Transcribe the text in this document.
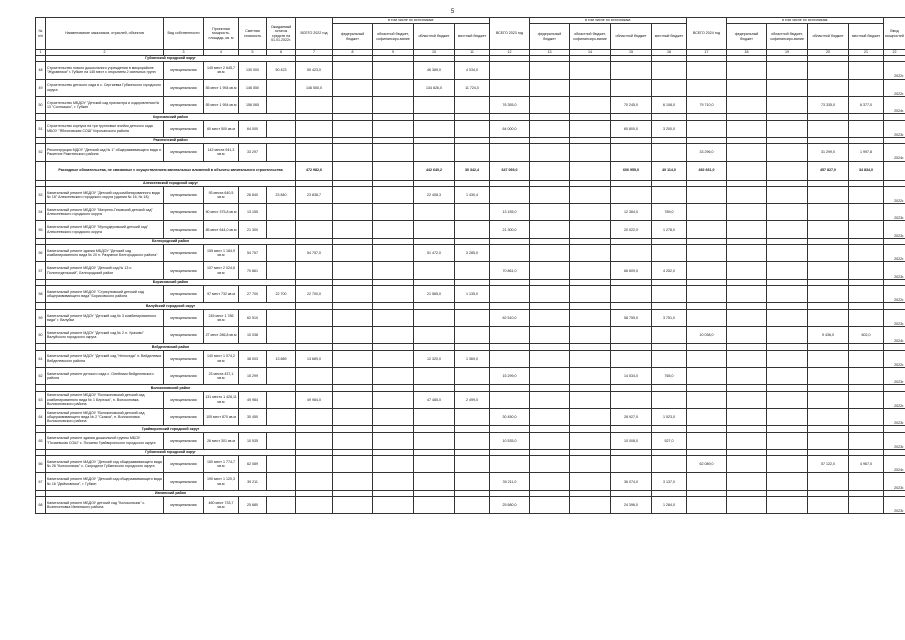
5
№ п/п	Наименование заказчиков, отраслей, объектов	Вид собственности	Проектная мощность, площадь, кв. м	Сметная стоимость	Ожидаемый остаток средств на 01.01.2022г.	ВСЕГО 2022 год	в том числе по источникам:				ВСЕГО 2023 год	в том числе по источникам:				ВСЕГО 2024 год	в том числе по источникам:				Ввод мощностей
							федеральный бюджет	областной бюджет, софинансиро-вание	областной бюджет	местный бюджет		федеральный бюджет	областной бюджет, софинансиро-вание	областной бюджет	местный бюджет		федеральный бюджет	областной бюджет, софинансиро-вание	областной бюджет	местный бюджет	
1	2	3	4	5	6	7	8	9	10	11	12	13	14	15	16	17	18	19	20	21	22
	Губкинский городской округ																				
48	Строительство нового дошкольного учреждения в микрорайоне "Журавлики" г. Губкин на 145 мест с открытием 2 ясельных групп	муниципальная	145 мест 2 645,7 кв.м	130 000	50 423	50 423,0			46 389,0	4 034,0											2022г.
49	Строительство детского сада в с. Сергиевка Губкинского городского округа	муниципальная	55 мест 1 954 кв.м	146 550		146 550,0			134 826,0	11 724,0											2022г.
50	Строительство МБДОУ "Детский сад присмотра и оздоровления № 13 "Солнышко", г. Губкин	муниципальная	55 мест 1 954 кв.м	156 065							76 355,0			70 245,0	6 108,0	79 710,0			73 335,0	6 377,0	2024г.
	Корочанский район																				
51	Строительство корпуса на три групповые ячейки детского сада МБОУ "Яблоновская СОШ" Корочанского района	муниципальная	60 мест 500 кв.м	64 000							64 000,0			60 800,0	3 200,0						2023г.
	Ракитянский район																				
52	Реконструкция МДОУ "Детский сад № 1" общеразвивающего вида п. Ракитное Ракитянского района	муниципальная	142 места 941,3 кв.м	33 297												33 296,0			31 299,0	1 997,8	2024г.
	Расходные обязательства, не связанные с осуществлением капитальных вложений в объекты капитального строительства					472 982,6			442 640,2	30 342,4	647 069,0			606 955,0	40 114,0	492 661,0			457 827,0	34 834,0	
	Алексеевский городской округ																				
53	Капитальный ремонт МБДОУ "Детский сад комбинированного вида № 16" Алексеевского городского округа (здания № 16, № 18)	муниципальная	93 места 640,5 кв.м	26 840	23 840	23 838,7			22 408,3	1 430,4											2022г.
54	Капитальный ремонт МБДОУ "Матрено-Гезовский детский сад" Алексеевского городского округа	муниципальная	50 мест 375,8 кв.м	13 155							13 155,0			12 364,0	789,0						2023г.
55	Капитальный ремонт МБДОУ "Мухоудеровский детский сад" Алексеевского городского округа	муниципальная	85 мест 644,0 кв.м	21 300							21 300,0			20 022,0	1 278,0						2023г.
	Белгородский район																				
56	Капитальный ремонт здания МБДОУ "Детский сад комбинированного вида № 20 п. Разумное Белгородского района"	муниципальная	155 мест 1 184,9 кв.м	54 757		54 757,0			51 472,0	3 285,0											2022г.
57	Капитальный ремонт МБДОУ "Детский сад № 13 п. Политотдельский", Белгородский район	муниципальная	107 мест 2 024,6 кв.м	70 861							70 861,0			66 609,0	4 252,0						2023г.
	Борисовский район																				
58	Капитальный ремонт МБДОУ "Стригуновский детский сад общеразвивающего вида" Борисовского района	муниципальная	97 мест 732 кв.м	27 700	22 700	22 700,0			21 565,0	1 135,0											2022г.
	Валуйский городской округ																				
59	Капитальный ремонт МДОУ "Детский сад № 3 комбинированного вида" г. Валуйки	муниципальная	245 мест 1 786 кв.м	62 510							62 510,0			58 759,0	3 751,0						2023г.
60	Капитальный ремонт МДОУ "Детский сад № 2 п. Уразово" Валуйского городского округа	муниципальная	27 мест 286,8 кв.м	10 038												10 038,0			9 436,0	602,0	2024г.
	Вейделевский район																				
61	Капитальный ремонт МДОУ "Детский сад "Непоседа" п. Вейделевка Вейделевского района	муниципальная	140 мест 1 074,2 кв.м	38 003	13 689	13 689,0			12 320,0	1 369,0											2022г.
62	Капитальный ремонт детского сада с. Олейники Вейделевского района	муниципальная	23 места 437,1 кв.м	15 299							15 299,0			14 534,0	765,0						2023г.
	Волоконовский район																				
63	Капитальный ремонт МБДОУ "Волоконовский детский сад комбинированного вида № 1 Березка", п. Волоконовка, Волоконовского района	муниципальная	131 место 1 428,11 кв.м	49 984		49 984,0			47 485,0	2 499,0											2022г.
64	Капитальный ремонт МБДОУ "Волоконовский детский сад общеразвивающего вида № 2 "Сказка", п. Волоконовка Волоконовского района	муниципальная	105 мест 870 кв.м	30 450							30 450,0			28 927,0	1 523,0						2023г.
	Грайворонский городской округ																				
65	Капитальный ремонт здания дошкольной группы МБОУ "Почаевская СОШ" с. Почаево Грайворонского городского округа	муниципальная	26 мест 301 кв.м	10 535							10 535,0			10 008,0	527,0						2023г.
	Губкинский городской округ																				
66	Капитальный ремонт МАДОУ "Детский сад общеразвивающего вида № 26 "Колокольчик" с. Скороднoe Губкинского городского округа	муниципальная	150 мест 1 774,7 кв.м	62 089												62 089,0			57 122,0	4 967,0	2024г.
67	Капитальный ремонт МБДОУ "Детский сад общеразвивающего вида № 16 "Дюймовочка", г. Губкин	муниципальная	190 мест 1 120,3 кв.м	39 211							39 211,0			36 074,0	3 137,0						2023г.
	Ивнянский район																				
68	Капитальный ремонт МБДОУ детский сад "Колокольчик" с. Вознесеновка Ивнянского района	муниципальная	460 мест 733,7 кв.м	25 680							25 680,0			24 396,0	1 284,0						2023г.
